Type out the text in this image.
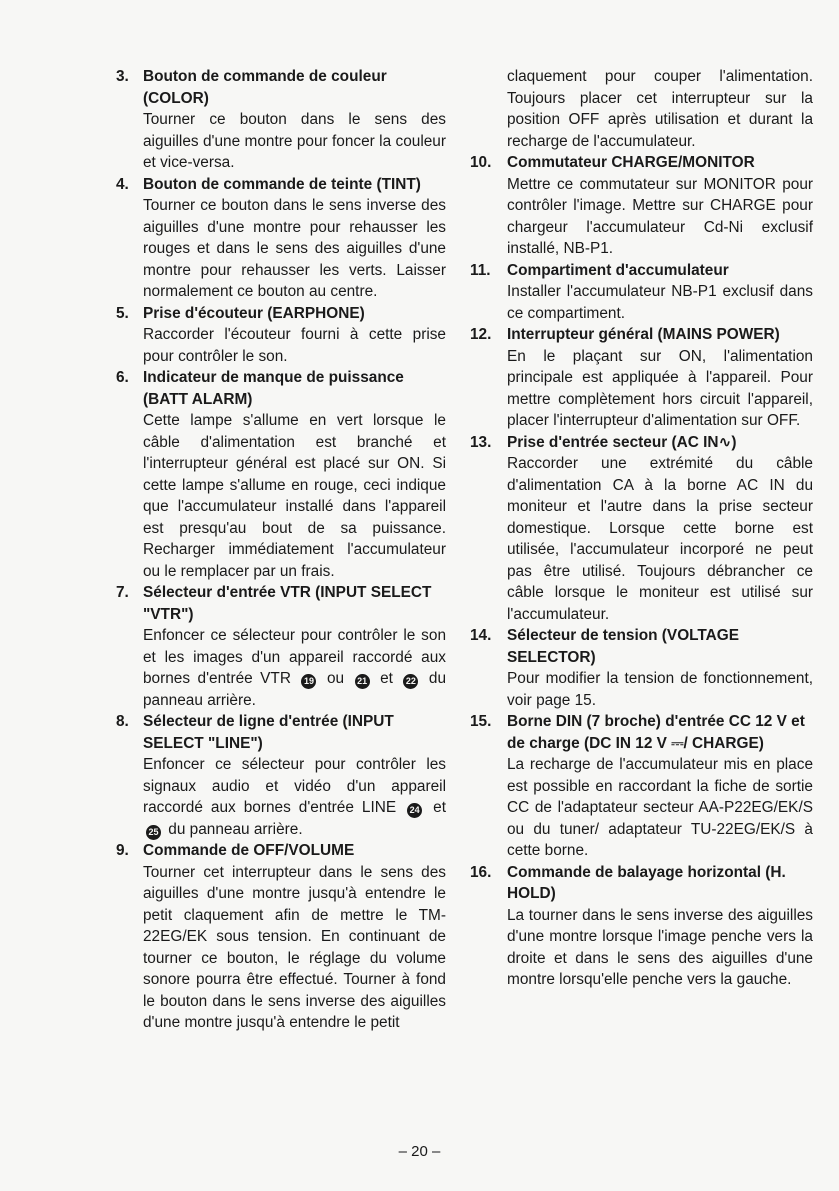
3. Bouton de commande de couleur (COLOR)
Tourner ce bouton dans le sens des aiguilles d'une montre pour foncer la couleur et vice-versa.
4. Bouton de commande de teinte (TINT)
Tourner ce bouton dans le sens inverse des aiguilles d'une montre pour rehausser les rouges et dans le sens des aiguilles d'une montre pour rehausser les verts. Laisser normalement ce bouton au centre.
5. Prise d'écouteur (EARPHONE)
Raccorder l'écouteur fourni à cette prise pour contrôler le son.
6. Indicateur de manque de puissance (BATT ALARM)
Cette lampe s'allume en vert lorsque le câble d'alimentation est branché et l'interrupteur général est placé sur ON. Si cette lampe s'allume en rouge, ceci indique que l'accumulateur installé dans l'appareil est presqu'au bout de sa puissance. Recharger immédiatement l'accumulateur ou le remplacer par un frais.
7. Sélecteur d'entrée VTR (INPUT SELECT "VTR")
Enfoncer ce sélecteur pour contrôler le son et les images d'un appareil raccordé aux bornes d'entrée VTR 19 ou 21 et 22 du panneau arrière.
8. Sélecteur de ligne d'entrée (INPUT SELECT "LINE")
Enfoncer ce sélecteur pour contrôler les signaux audio et vidéo d'un appareil raccordé aux bornes d'entrée LINE 24 et 25 du panneau arrière.
9. Commande de OFF/VOLUME
Tourner cet interrupteur dans le sens des aiguilles d'une montre jusqu'à entendre le petit claquement afin de mettre le TM-22EG/EK sous tension. En continuant de tourner ce bouton, le réglage du volume sonore pourra être effectué. Tourner à fond le bouton dans le sens inverse des aiguilles d'une montre jusqu'à entendre le petit
claquement pour couper l'alimentation. Toujours placer cet interrupteur sur la position OFF après utilisation et durant la recharge de l'accumulateur.
10. Commutateur CHARGE/MONITOR
Mettre ce commutateur sur MONITOR pour contrôler l'image. Mettre sur CHARGE pour chargeur l'accumulateur Cd-Ni exclusif installé, NB-P1.
11. Compartiment d'accumulateur
Installer l'accumulateur NB-P1 exclusif dans ce compartiment.
12. Interrupteur général (MAINS POWER)
En le plaçant sur ON, l'alimentation principale est appliquée à l'appareil. Pour mettre complètement hors circuit l'appareil, placer l'interrupteur d'alimentation sur OFF.
13. Prise d'entrée secteur (AC IN∿)
Raccorder une extrémité du câble d'alimentation CA à la borne AC IN du moniteur et l'autre dans la prise secteur domestique. Lorsque cette borne est utilisée, l'accumulateur incorporé ne peut pas être utilisé. Toujours débrancher ce câble lorsque le moniteur est utilisé sur l'accumulateur.
14. Sélecteur de tension (VOLTAGE SELECTOR)
Pour modifier la tension de fonctionnement, voir page 15.
15. Borne DIN (7 broche) d'entrée CC 12 V et de charge (DC IN 12 V ⎓/ CHARGE)
La recharge de l'accumulateur mis en place est possible en raccordant la fiche de sortie CC de l'adaptateur secteur AA-P22EG/EK/S ou du tuner/ adaptateur TU-22EG/EK/S à cette borne.
16. Commande de balayage horizontal (H. HOLD)
La tourner dans le sens inverse des aiguilles d'une montre lorsque l'image penche vers la droite et dans le sens des aiguilles d'une montre lorsqu'elle penche vers la gauche.
– 20 –
